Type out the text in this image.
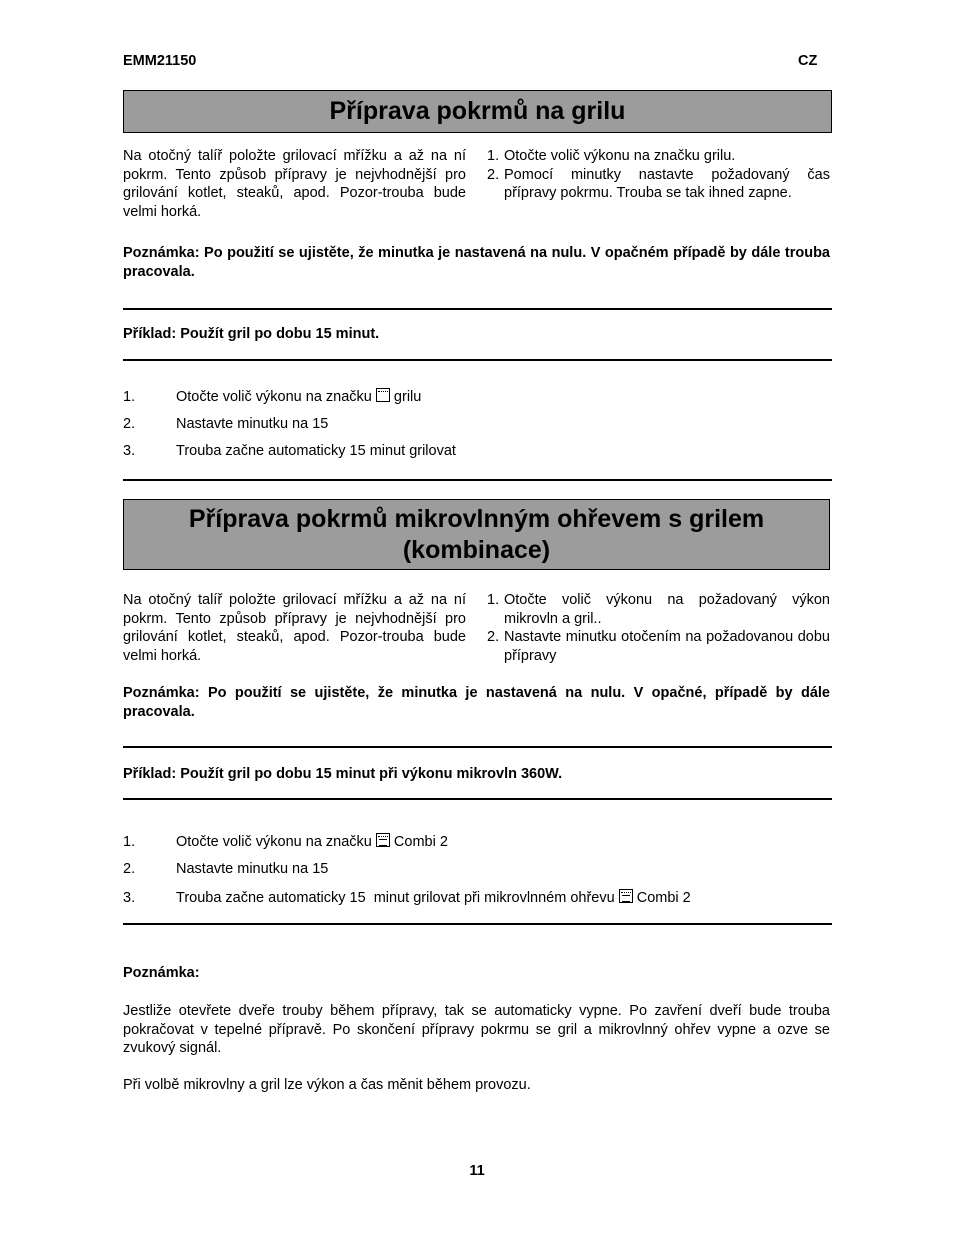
EMM21150	CZ
Příprava pokrmů na grilu
Na otočný talíř položte grilovací mřížku a až na ní pokrm. Tento způsob přípravy je nejvhodnější pro grilování kotlet, steaků, apod. Pozor-trouba bude velmi horká.
1. Otočte volič výkonu na značku grilu.
2. Pomocí minutky nastavte požadovaný čas přípravy pokrmu. Trouba se tak ihned zapne.
Poznámka: Po použití se ujistěte, že minutka je nastavená na nulu. V opačném případě by dále trouba pracovala.
Příklad: Použít gril po dobu 15 minut.
1.	Otočte volič výkonu na značku grilu
2.	Nastavte minutku na 15
3.	Trouba začne automaticky 15 minut grilovat
Příprava pokrmů mikrovlnným ohřevem s grilem
(kombinace)
Na otočný talíř položte grilovací mřížku a až na ní pokrm. Tento způsob přípravy je nejvhodnější pro grilování kotlet, steaků, apod. Pozor-trouba bude velmi horká.
1. Otočte volič výkonu na požadovaný výkon mikrovln a gril..
2. Nastavte minutku otočením na požadovanou dobu přípravy
Poznámka: Po použití se ujistěte, že minutka je nastavená na nulu. V opačné, případě by dále pracovala.
Příklad: Použít gril po dobu 15 minut při výkonu mikrovln 360W.
1.	Otočte volič výkonu na značku Combi 2
2.	Nastavte minutku na 15
3.	Trouba začne automaticky 15  minut grilovat při mikrovlnném ohřevu Combi 2
Poznámka:
Jestliže otevřete dveře trouby během přípravy, tak se automaticky vypne. Po zavření dveří bude trouba pokračovat v tepelné přípravě. Po skončení přípravy pokrmu se gril a mikrovlnný ohřev vypne a ozve se zvukový signál.
Při volbě mikrovlny a gril lze výkon a čas měnit během provozu.
11
